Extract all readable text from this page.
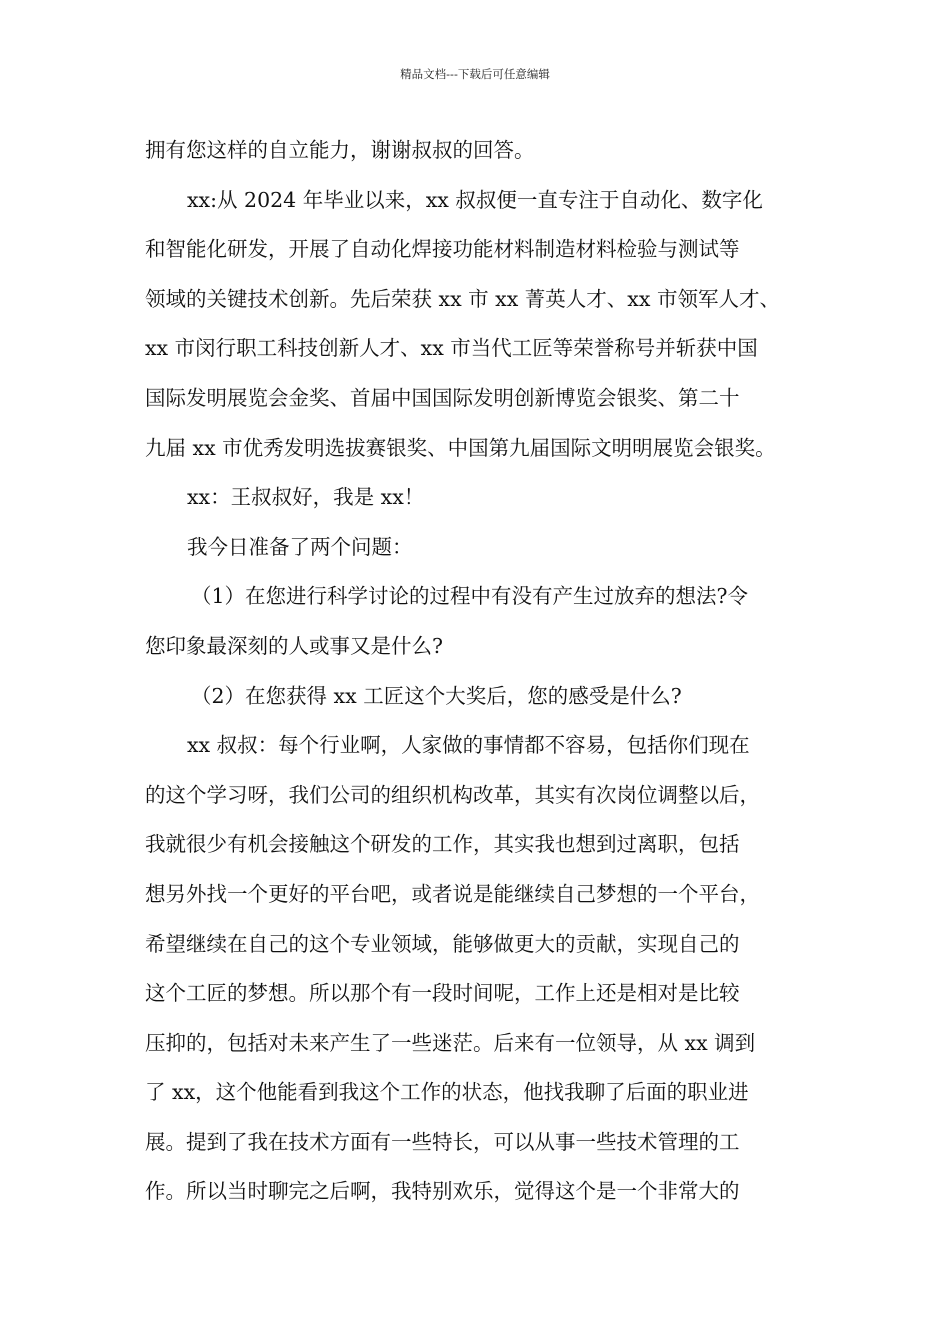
精品文档---下载后可任意编辑
拥有您这样的自立能力，谢谢叔叔的回答。
xx:从 2024 年毕业以来，xx 叔叔便一直专注于自动化、数字化
和智能化研发，开展了自动化焊接功能材料制造材料检验与测试等
领域的关键技术创新。先后荣获 xx 市 xx 菁英人才、xx 市领军人才、
xx 市闵行职工科技创新人才、xx 市当代工匠等荣誉称号并斩获中国
国际发明展览会金奖、首届中国国际发明创新博览会银奖、第二十
九届 xx 市优秀发明选拔赛银奖、中国第九届国际文明明展览会银奖。
xx：王叔叔好，我是 xx！
我今日准备了两个问题：
（1）在您进行科学讨论的过程中有没有产生过放弃的想法?令
您印象最深刻的人或事又是什么?
（2）在您获得 xx 工匠这个大奖后，您的感受是什么?
xx 叔叔：每个行业啊，人家做的事情都不容易，包括你们现在
的这个学习呀，我们公司的组织机构改革，其实有次岗位调整以后，
我就很少有机会接触这个研发的工作，其实我也想到过离职，包括
想另外找一个更好的平台吧，或者说是能继续自己梦想的一个平台，
希望继续在自己的这个专业领域，能够做更大的贡献，实现自己的
这个工匠的梦想。所以那个有一段时间呢，工作上还是相对是比较
压抑的，包括对未来产生了一些迷茫。后来有一位领导，从 xx 调到
了 xx，这个他能看到我这个工作的状态，他找我聊了后面的职业进
展。提到了我在技术方面有一些特长，可以从事一些技术管理的工
作。所以当时聊完之后啊，我特别欢乐，觉得这个是一个非常大的
